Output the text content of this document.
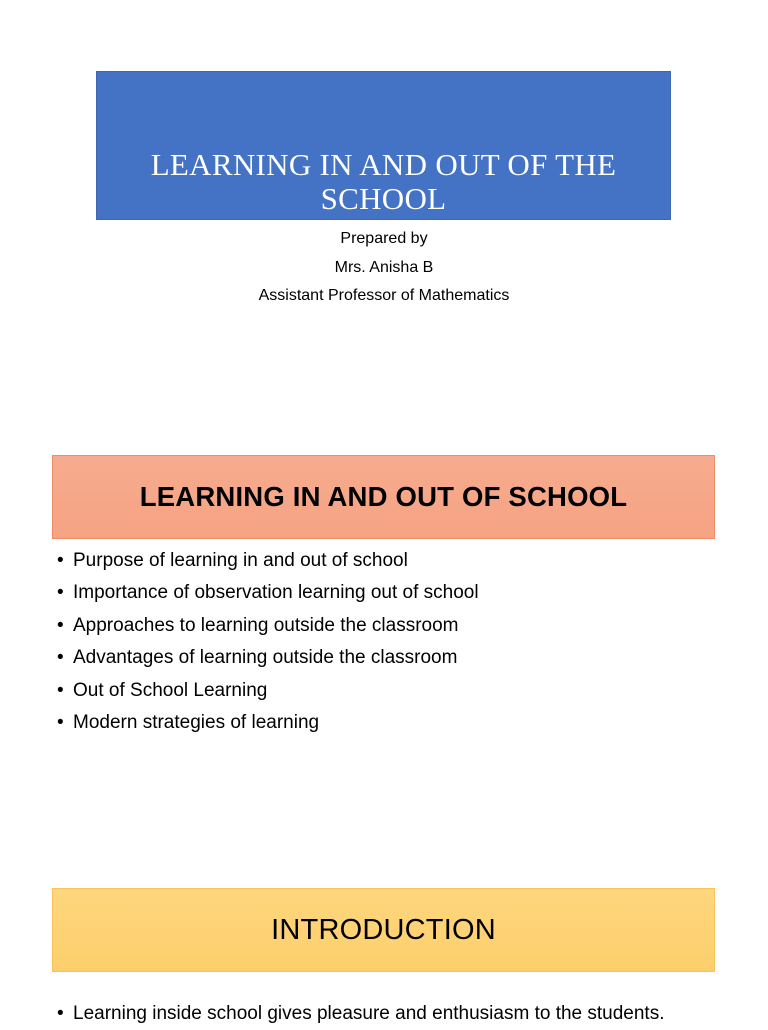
LEARNING IN AND OUT OF THE
SCHOOL
Prepared by
Mrs. Anisha B
Assistant Professor of Mathematics
LEARNING IN AND OUT OF SCHOOL
• Purpose of learning in and out of school
• Importance of observation learning out of school
• Approaches to learning outside the classroom
• Advantages of learning outside the classroom
• Out of School Learning
• Modern strategies of learning
INTRODUCTION
• Learning inside school gives pleasure and enthusiasm to the students.
